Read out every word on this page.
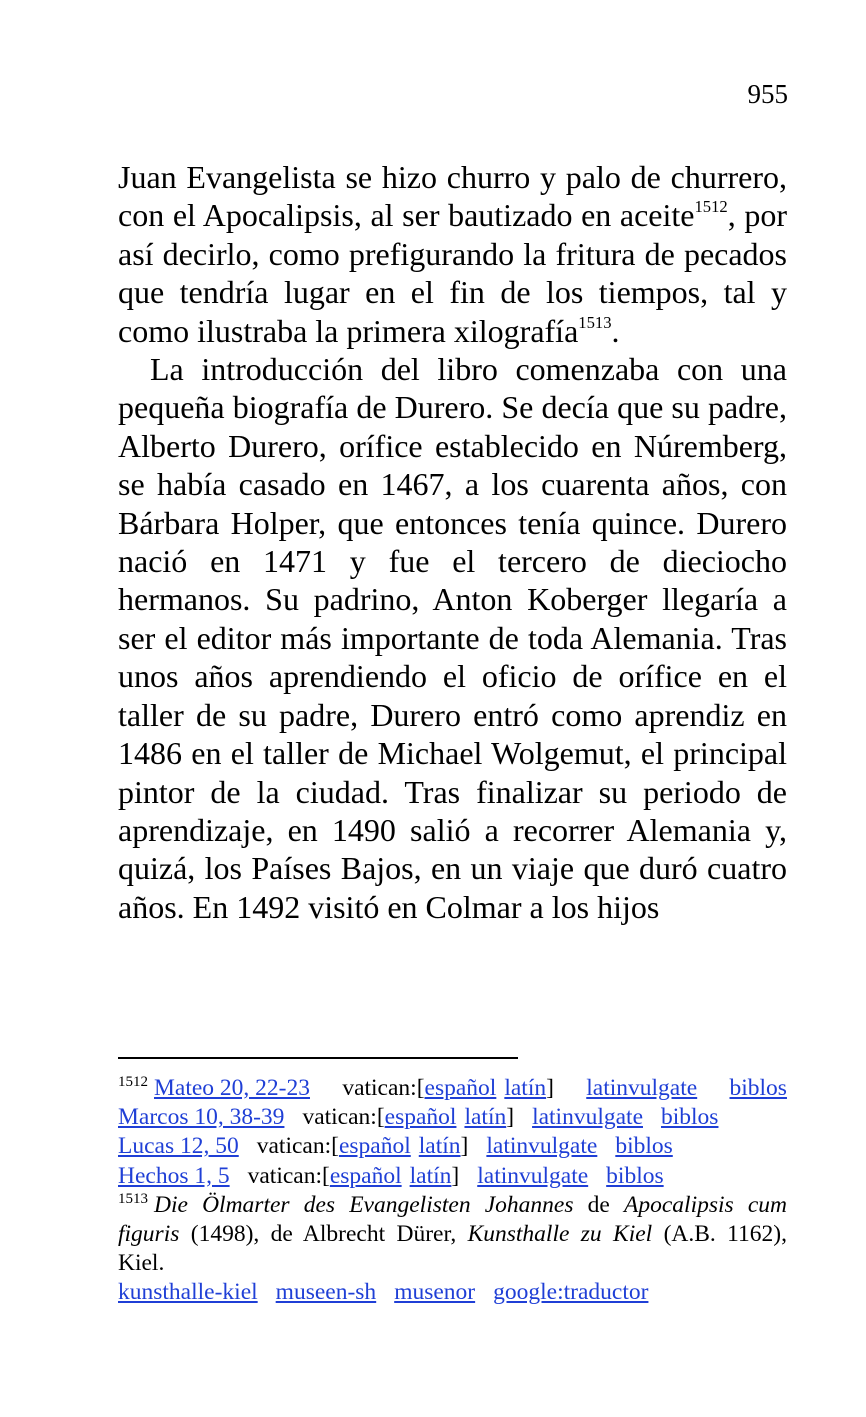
955

Juan Evangelista se hizo churro y palo de churrero, con el Apocalipsis, al ser bautizado en aceite$^{1512}$, por así decirlo, como prefigurando la fritura de pecados que tendría lugar en el fin de los tiempos, tal y como ilustraba la primera xilografía$^{1513}$.

La introducción del libro comenzaba con una pequeña biografía de Durero. Se decía que su padre, Alberto Durero, orífice establecido en Núremberg, se había casado en 1467, a los cuarenta años, con Bárbara Holper, que entonces tenía quince. Durero nació en 1471 y fue el tercero de dieciocho hermanos. Su padrino, Anton Koberger llegaría a ser el editor más importante de toda Alemania. Tras unos años aprendiendo el oficio de orífice en el taller de su padre, Durero entró como aprendiz en 1486 en el taller de Michael Wolgemut, el principal pintor de la ciudad. Tras finalizar su periodo de aprendizaje, en 1490 salió a recorrer Alemania y, quizá, los Países Bajos, en un viaje que duró cuatro años. En 1492 visitó en Colmar a los hijos

$^{1512}$ Mateo 20, 22-23 vatican:[español latín] latinvulgate biblos
Marcos 10, 38-39 vatican:[español latín] latinvulgate biblos
Lucas 12, 50 vatican:[español latín] latinvulgate biblos
Hechos 1, 5 vatican:[español latín] latinvulgate biblos

$^{1513}$ Die Ölmarter des Evangelisten Johannes de Apocalipsis cum figuris (1498), de Albrecht Dürer, Kunsthalle zu Kiel (A.B. 1162), Kiel.

kunsthalle-kiel museen-sh musenor google:traductor
